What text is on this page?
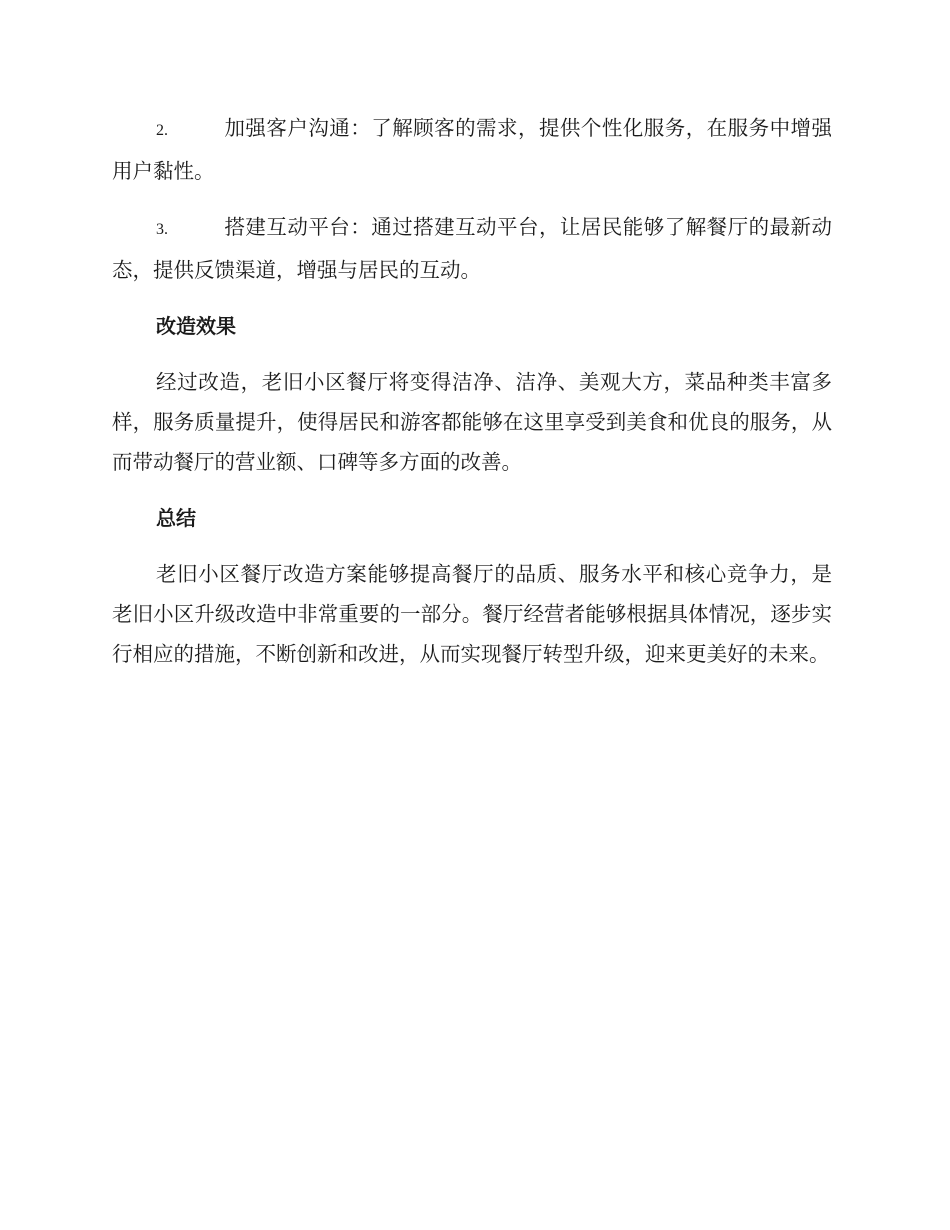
2.	加强客户沟通：了解顾客的需求，提供个性化服务，在服务中增强用户黏性。

3.	搭建互动平台：通过搭建互动平台，让居民能够了解餐厅的最新动态，提供反馈渠道，增强与居民的互动。

改造效果

经过改造，老旧小区餐厅将变得洁净、洁净、美观大方，菜品种类丰富多样，服务质量提升，使得居民和游客都能够在这里享受到美食和优良的服务，从而带动餐厅的营业额、口碑等多方面的改善。

总结

老旧小区餐厅改造方案能够提高餐厅的品质、服务水平和核心竞争力，是老旧小区升级改造中非常重要的一部分。餐厅经营者能够根据具体情况，逐步实行相应的措施，不断创新和改进，从而实现餐厅转型升级，迎来更美好的未来。
